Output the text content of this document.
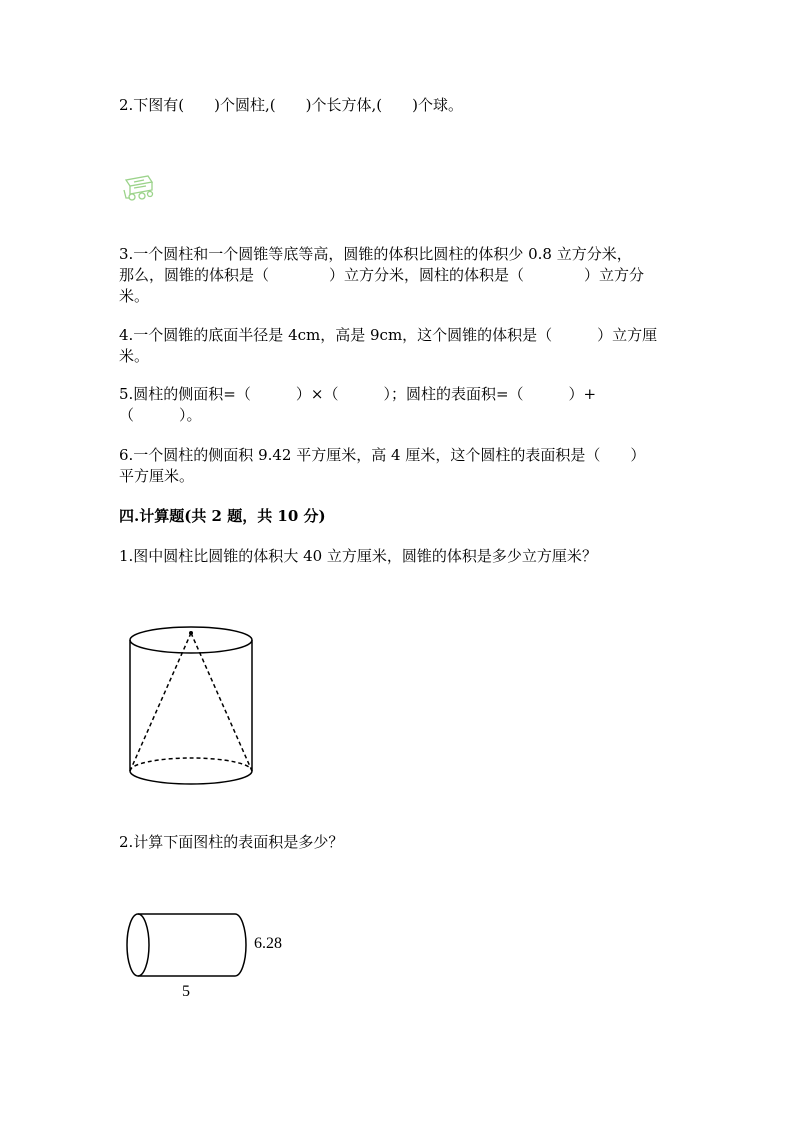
2.下图有(　　)个圆柱,(　　)个长方体,(　　)个球。
3.一个圆柱和一个圆锥等底等高，圆锥的体积比圆柱的体积少 0.8 立方分米，
那么，圆锥的体积是（　　　　）立方分米，圆柱的体积是（　　　　）立方分
米。
4.一个圆锥的底面半径是 4cm，高是 9cm，这个圆锥的体积是（　　　）立方厘
米。
5.圆柱的侧面积=（　　　）×（　　　）；圆柱的表面积=（　　　）+
（　　　）。
6.一个圆柱的侧面积 9.42 平方厘米，高 4 厘米，这个圆柱的表面积是（　　）
平方厘米。
四.计算题(共 2 题，共 10 分)
1.图中圆柱比圆锥的体积大 40 立方厘米，圆锥的体积是多少立方厘米？
2.计算下面图柱的表面积是多少？
6.28
5
